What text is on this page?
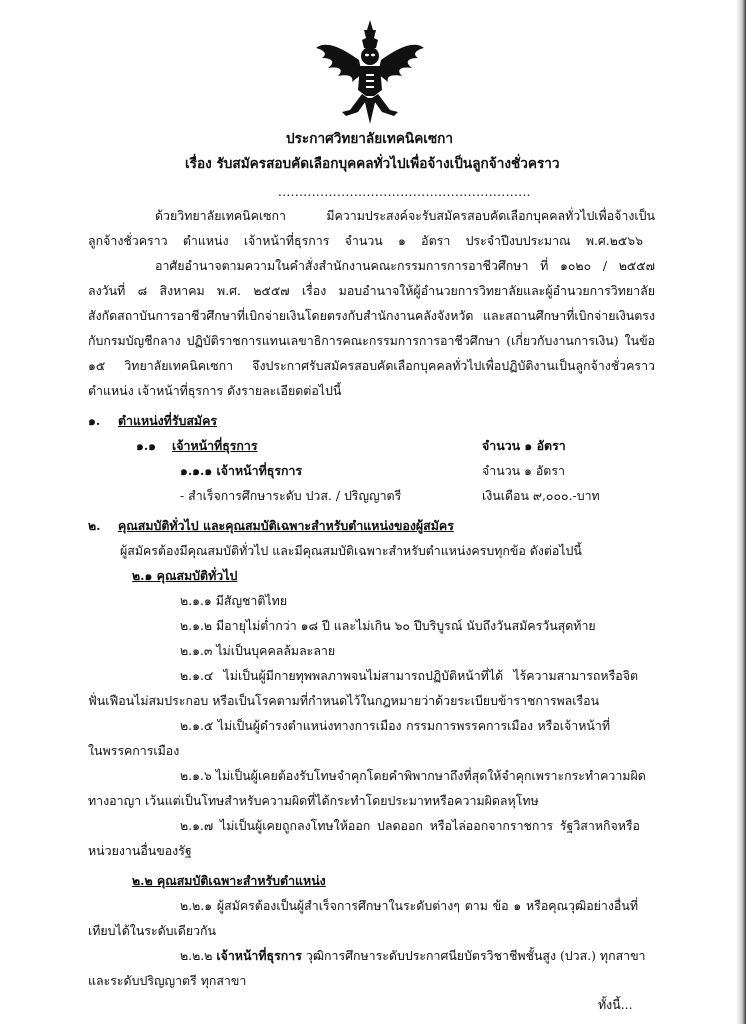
ประกาศวิทยาลัยเทคนิคเซกา
เรื่อง รับสมัครสอบคัดเลือกบุคคลทั่วไปเพื่อจ้างเป็นลูกจ้างชั่วคราว
............................................................
ด้วยวิทยาลัยเทคนิคเซกา มีความประสงค์จะรับสมัครสอบคัดเลือกบุคคลทั่วไปเพื่อจ้างเป็น
ลูกจ้างชั่วคราว ตำแหน่ง เจ้าหน้าที่ธุรการ จำนวน ๑ อัตรา ประจำปีงบประมาณ พ.ศ.๒๕๖๖
อาศัยอำนาจตามความในคำสั่งสำนักงานคณะกรรมการการอาชีวศึกษา ที่ ๑๐๒๐ / ๒๕๕๗
ลงวันที่ ๘ สิงหาคม พ.ศ. ๒๕๕๗ เรื่อง มอบอำนาจให้ผู้อำนวยการวิทยาลัยและผู้อำนวยการวิทยาลัย
สังกัดสถาบันการอาชีวศึกษาที่เบิกจ่ายเงินโดยตรงกับสำนักงานคลังจังหวัด และสถานศึกษาที่เบิกจ่ายเงินตรง
กับกรมบัญชีกลาง ปฏิบัติราชการแทนเลขาธิการคณะกรรมการการอาชีวศึกษา (เกี่ยวกับงานการเงิน) ในข้อ
๑๕ วิทยาลัยเทคนิคเซกา จึงประกาศรับสมัครสอบคัดเลือกบุคคลทั่วไปเพื่อปฏิบัติงานเป็นลูกจ้างชั่วคราว
ตำแหน่ง เจ้าหน้าที่ธุรการ ดังรายละเอียดต่อไปนี้
๑. ตำแหน่งที่รับสมัคร
๑.๑ เจ้าหน้าที่ธุรการ	จำนวน ๑ อัตรา
๑.๑.๑ เจ้าหน้าที่ธุรการ	จำนวน ๑ อัตรา
- สำเร็จการศึกษาระดับ ปวส. / ปริญญาตรี	เงินเดือน ๙,๐๐๐.-บาท
๒. คุณสมบัติทั่วไป และคุณสมบัติเฉพาะสำหรับตำแหน่งของผู้สมัคร
ผู้สมัครต้องมีคุณสมบัติทั่วไป และมีคุณสมบัติเฉพาะสำหรับตำแหน่งครบทุกข้อ ดังต่อไปนี้
๒.๑ คุณสมบัติทั่วไป
๒.๑.๑ มีสัญชาติไทย
๒.๑.๒ มีอายุไม่ต่ำกว่า ๑๘ ปี และไม่เกิน ๖๐ ปีบริบูรณ์ นับถึงวันสมัครวันสุดท้าย
๒.๑.๓ ไม่เป็นบุคคลล้มละลาย
๒.๑.๔ ไม่เป็นผู้มีกายทุพพลภาพจนไม่สามารถปฏิบัติหน้าที่ได้ ไร้ความสามารถหรือจิต
ฟั่นเฟือนไม่สมประกอบ หรือเป็นโรคตามที่กำหนดไว้ในกฎหมายว่าด้วยระเบียบข้าราชการพลเรือน
๒.๑.๕ ไม่เป็นผู้ดำรงตำแหน่งทางการเมือง กรรมการพรรคการเมือง หรือเจ้าหน้าที่
ในพรรคการเมือง
๒.๑.๖ ไม่เป็นผู้เคยต้องรับโทษจำคุกโดยคำพิพากษาถึงที่สุดให้จำคุกเพราะกระทำความผิด
ทางอาญา เว้นแต่เป็นโทษสำหรับความผิดที่ได้กระทำโดยประมาทหรือความผิดลหุโทษ
๒.๑.๗ ไม่เป็นผู้เคยถูกลงโทษให้ออก ปลดออก หรือไล่ออกจากราชการ รัฐวิสาหกิจหรือ
หน่วยงานอื่นของรัฐ
๒.๒ คุณสมบัติเฉพาะสำหรับตำแหน่ง
๒.๒.๑ ผู้สมัครต้องเป็นผู้สำเร็จการศึกษาในระดับต่างๆ ตาม ข้อ ๑ หรือคุณวุฒิอย่างอื่นที่
เทียบได้ในระดับเดียวกัน
๒.๒.๒ เจ้าหน้าที่ธุรการ วุฒิการศึกษาระดับประกาศนียบัตรวิชาชีพชั้นสูง (ปวส.) ทุกสาขา
และระดับปริญญาตรี ทุกสาขา
ทั้งนี้...
